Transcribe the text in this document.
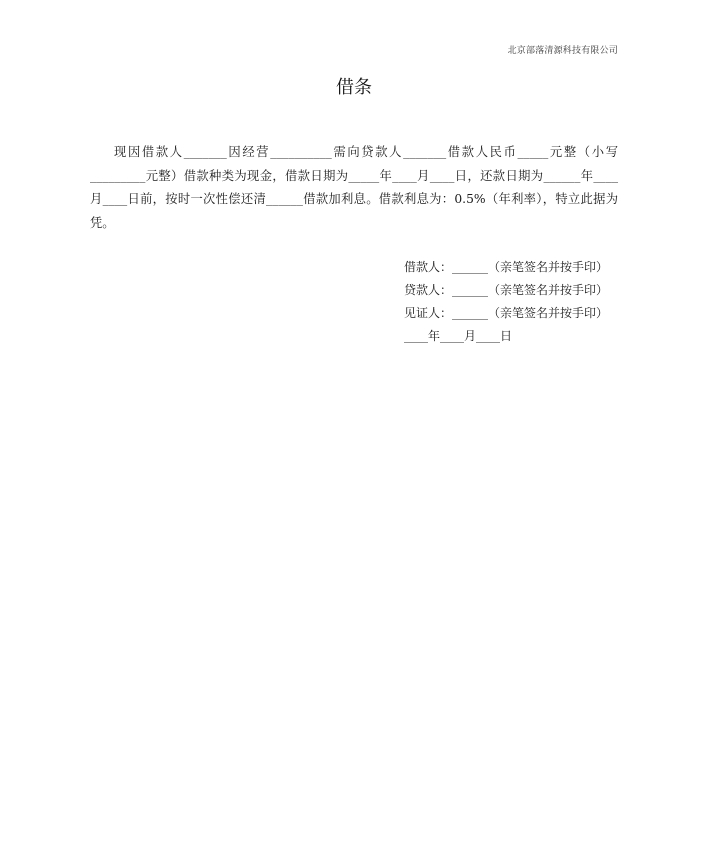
北京部落清源科技有限公司
借条

现因借款人_______因经营__________需向贷款人_______借款人民币_____元整（小写_________元整）借款种类为现金，借款日期为_____年____月____日，还款日期为______年____月____日前，按时一次性偿还清______借款加利息。借款利息为：0.5%（年利率），特立此据为凭。

借款人：______（亲笔签名并按手印）
贷款人：______（亲笔签名并按手印）
见证人：______（亲笔签名并按手印）
____年____月____日
